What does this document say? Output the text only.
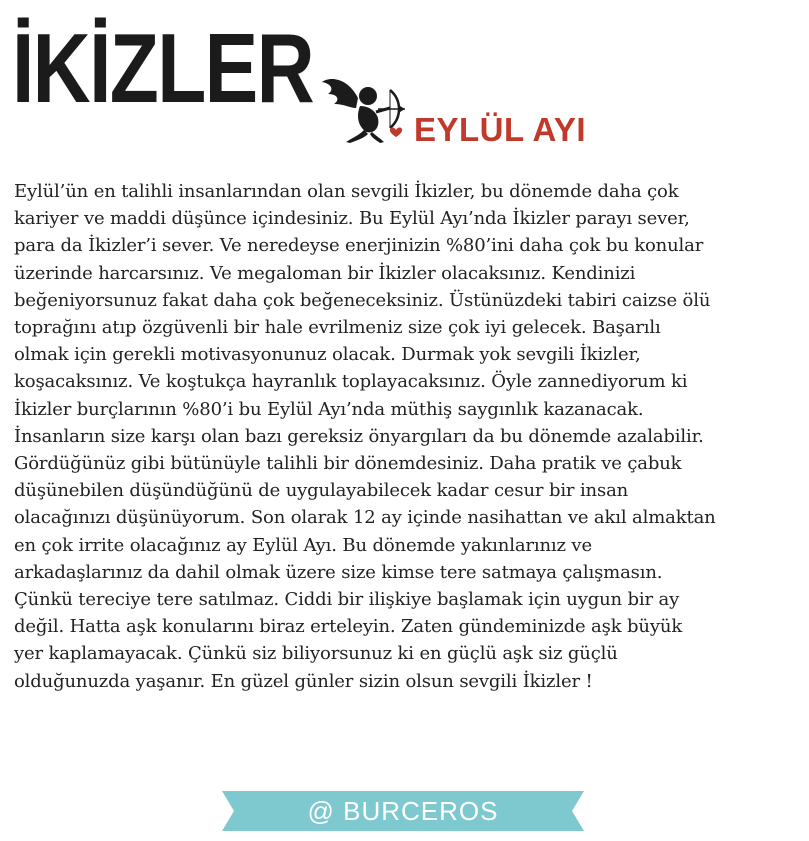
İKİZLER
EYLÜL AYI
Eylül’ün en talihli insanlarından olan sevgili İkizler, bu dönemde daha çok
kariyer ve maddi düşünce içindesiniz. Bu Eylül Ayı’nda İkizler parayı sever,
para da İkizler’i sever. Ve neredeyse enerjinizin %80’ini daha çok bu konular
üzerinde harcarsınız. Ve megaloman bir İkizler olacaksınız. Kendinizi
beğeniyorsunuz fakat daha çok beğeneceksiniz. Üstünüzdeki tabiri caizse ölü
toprağını atıp özgüvenli bir hale evrilmeniz size çok iyi gelecek. Başarılı
olmak için gerekli motivasyonunuz olacak. Durmak yok sevgili İkizler,
koşacaksınız. Ve koştukça hayranlık toplayacaksınız. Öyle zannediyorum ki
İkizler burçlarının %80’i bu Eylül Ayı’nda müthiş saygınlık kazanacak.
İnsanların size karşı olan bazı gereksiz önyargıları da bu dönemde azalabilir.
Gördüğünüz gibi bütünüyle talihli bir dönemdesiniz. Daha pratik ve çabuk
düşünebilen düşündüğünü de uygulayabilecek kadar cesur bir insan
olacağınızı düşünüyorum. Son olarak 12 ay içinde nasihattan ve akıl almaktan
en çok irrite olacağınız ay Eylül Ayı. Bu dönemde yakınlarınız ve
arkadaşlarınız da dahil olmak üzere size kimse tere satmaya çalışmasın.
Çünkü tereciye tere satılmaz. Ciddi bir ilişkiye başlamak için uygun bir ay
değil. Hatta aşk konularını biraz erteleyin. Zaten gündeminizde aşk büyük
yer kaplamayacak. Çünkü siz biliyorsunuz ki en güçlü aşk siz güçlü
olduğunuzda yaşanır. En güzel günler sizin olsun sevgili İkizler !
@ BURCEROS
